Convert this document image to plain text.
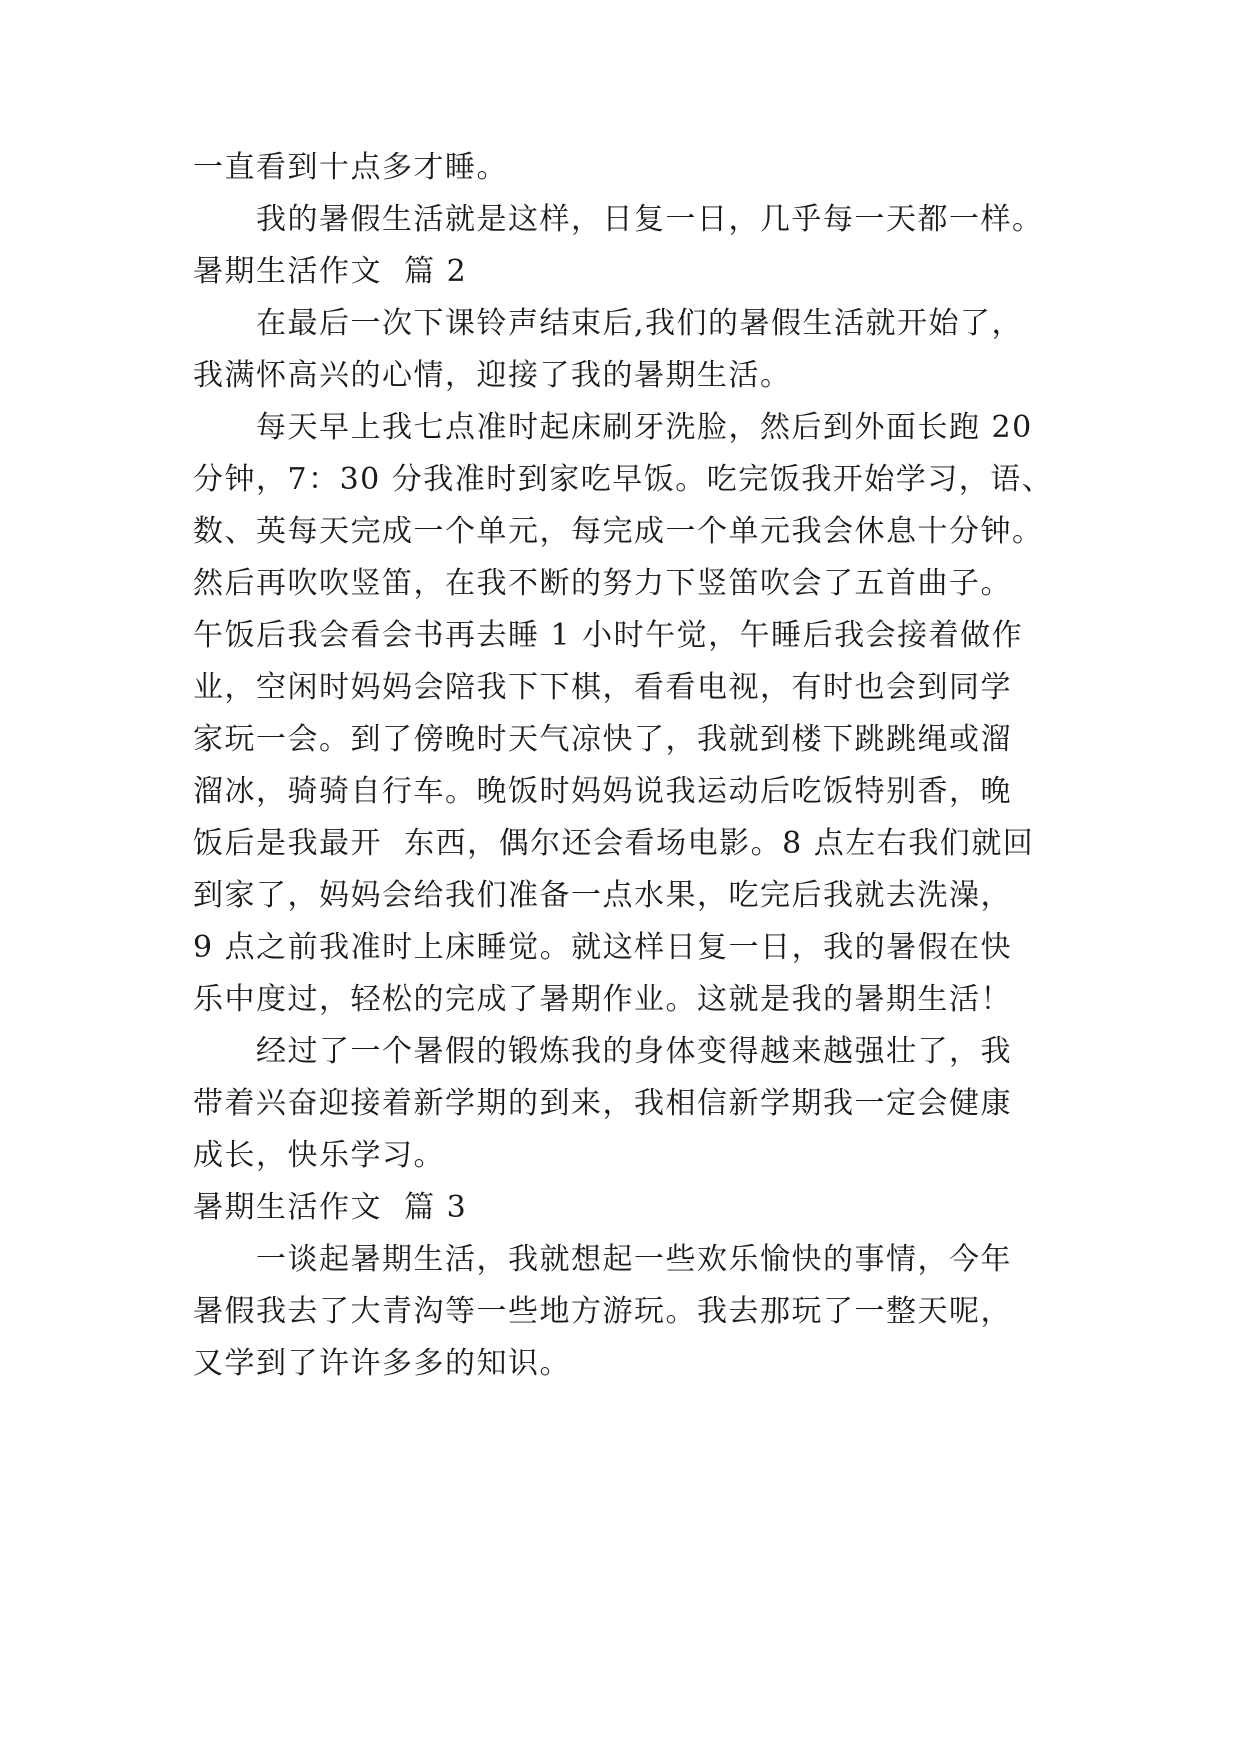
一直看到十点多才睡。
我的暑假生活就是这样，日复一日，几乎每一天都一样。
暑期生活作文  篇 2
在最后一次下课铃声结束后,我们的暑假生活就开始了，
我满怀高兴的心情，迎接了我的暑期生活。
每天早上我七点准时起床刷牙洗脸，然后到外面长跑 20
分钟，7：30 分我准时到家吃早饭。吃完饭我开始学习，语、
数、英每天完成一个单元，每完成一个单元我会休息十分钟。
然后再吹吹竖笛，在我不断的努力下竖笛吹会了五首曲子。
午饭后我会看会书再去睡 1 小时午觉，午睡后我会接着做作
业，空闲时妈妈会陪我下下棋，看看电视，有时也会到同学
家玩一会。到了傍晚时天气凉快了，我就到楼下跳跳绳或溜
溜冰，骑骑自行车。晚饭时妈妈说我运动后吃饭特别香，晚
饭后是我最开  东西，偶尔还会看场电影。8 点左右我们就回
到家了，妈妈会给我们准备一点水果，吃完后我就去洗澡，
9 点之前我准时上床睡觉。就这样日复一日，我的暑假在快
乐中度过，轻松的完成了暑期作业。这就是我的暑期生活！
经过了一个暑假的锻炼我的身体变得越来越强壮了，我
带着兴奋迎接着新学期的到来，我相信新学期我一定会健康
成长，快乐学习。
暑期生活作文  篇 3
一谈起暑期生活，我就想起一些欢乐愉快的事情，今年
暑假我去了大青沟等一些地方游玩。我去那玩了一整天呢，
又学到了许许多多的知识。
